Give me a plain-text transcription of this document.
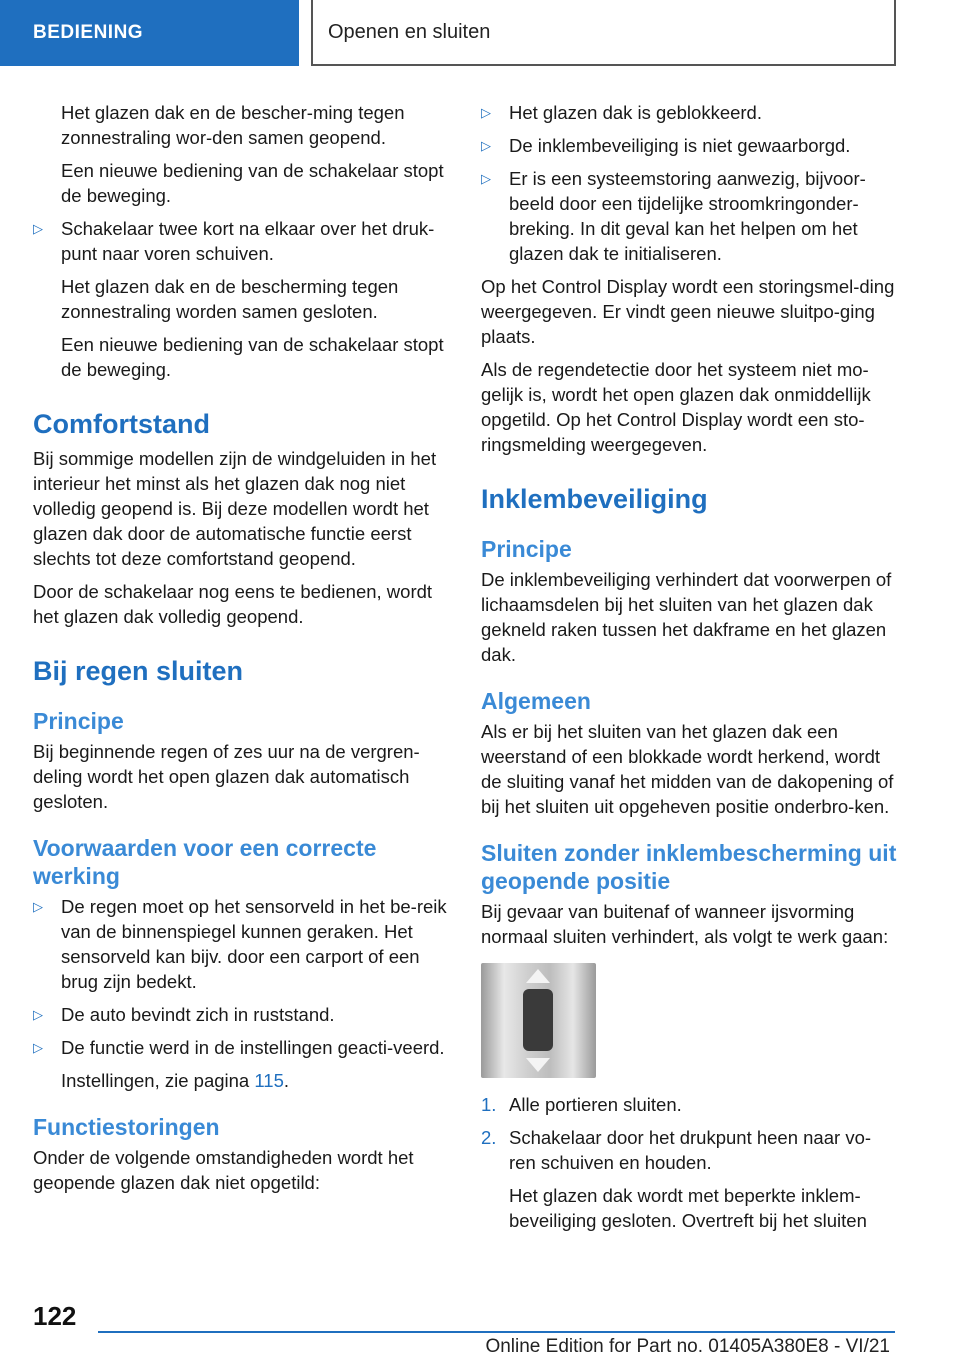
BEDIENING	Openen en sluiten

Het glazen dak en de bescher-ming tegen zonnestraling wor-den samen geopend.

Een nieuwe bediening van de schakelaar stopt de beweging.

▷ Schakelaar twee kort na elkaar over het druk-punt naar voren schuiven.
Het glazen dak en de bescherming tegen zonnestraling worden samen gesloten.
Een nieuwe bediening van de schakelaar stopt de beweging.
Comfortstand

Bij sommige modellen zijn de windgeluiden in het interieur het minst als het glazen dak nog niet volledig geopend is. Bij deze modellen wordt het glazen dak door de automatische functie eerst slechts tot deze comfortstand geopend.

Door de schakelaar nog eens te bedienen, wordt het glazen dak volledig geopend.

Bij regen sluiten
Principe

Bij beginnende regen of zes uur na de vergren-deling wordt het open glazen dak automatisch gesloten.

Voorwaarden voor een correcte werking
▷ De regen moet op het sensorveld in het be-reik van de binnenspiegel kunnen geraken. Het sensorveld kan bijv. door een carport of een brug zijn bedekt.
▷ De auto bevindt zich in ruststand.
▷ De functie werd in de instellingen geacti-veerd.
Instellingen, zie pagina 115.
Functiestoringen

Onder de volgende omstandigheden wordt het geopende glazen dak niet opgetild:

▷ Het glazen dak is geblokkeerd.
▷ De inklembeveiliging is niet gewaarborgd.
▷ Er is een systeemstoring aanwezig, bijvoor-beeld door een tijdelijke stroomkringonder-breking. In dit geval kan het helpen om het glazen dak te initialiseren.

Op het Control Display wordt een storingsmel-ding weergegeven. Er vindt geen nieuwe sluitpo-ging plaats.

Als de regendetectie door het systeem niet mo-gelijk is, wordt het open glazen dak onmiddellijk opgetild. Op het Control Display wordt een sto-ringsmelding weergegeven.

Inklembeveiliging
Principe

De inklembeveiliging verhindert dat voorwerpen of lichaamsdelen bij het sluiten van het glazen dak gekneld raken tussen het dakframe en het glazen dak.

Algemeen

Als er bij het sluiten van het glazen dak een weerstand of een blokkade wordt herkend, wordt de sluiting vanaf het midden van de dakopening of bij het sluiten uit opgeheven positie onderbro-ken.

Sluiten zonder inklembescherming uit geopende positie

Bij gevaar van buitenaf of wanneer ijsvorming normaal sluiten verhindert, als volgt te werk gaan:

1. Alle portieren sluiten.
2. Schakelaar door het drukpunt heen naar vo-ren schuiven en houden.
Het glazen dak wordt met beperkte inklem-beveiliging gesloten. Overtreft bij het sluiten
122
Online Edition for Part no. 01405A380E8 - VI/21
